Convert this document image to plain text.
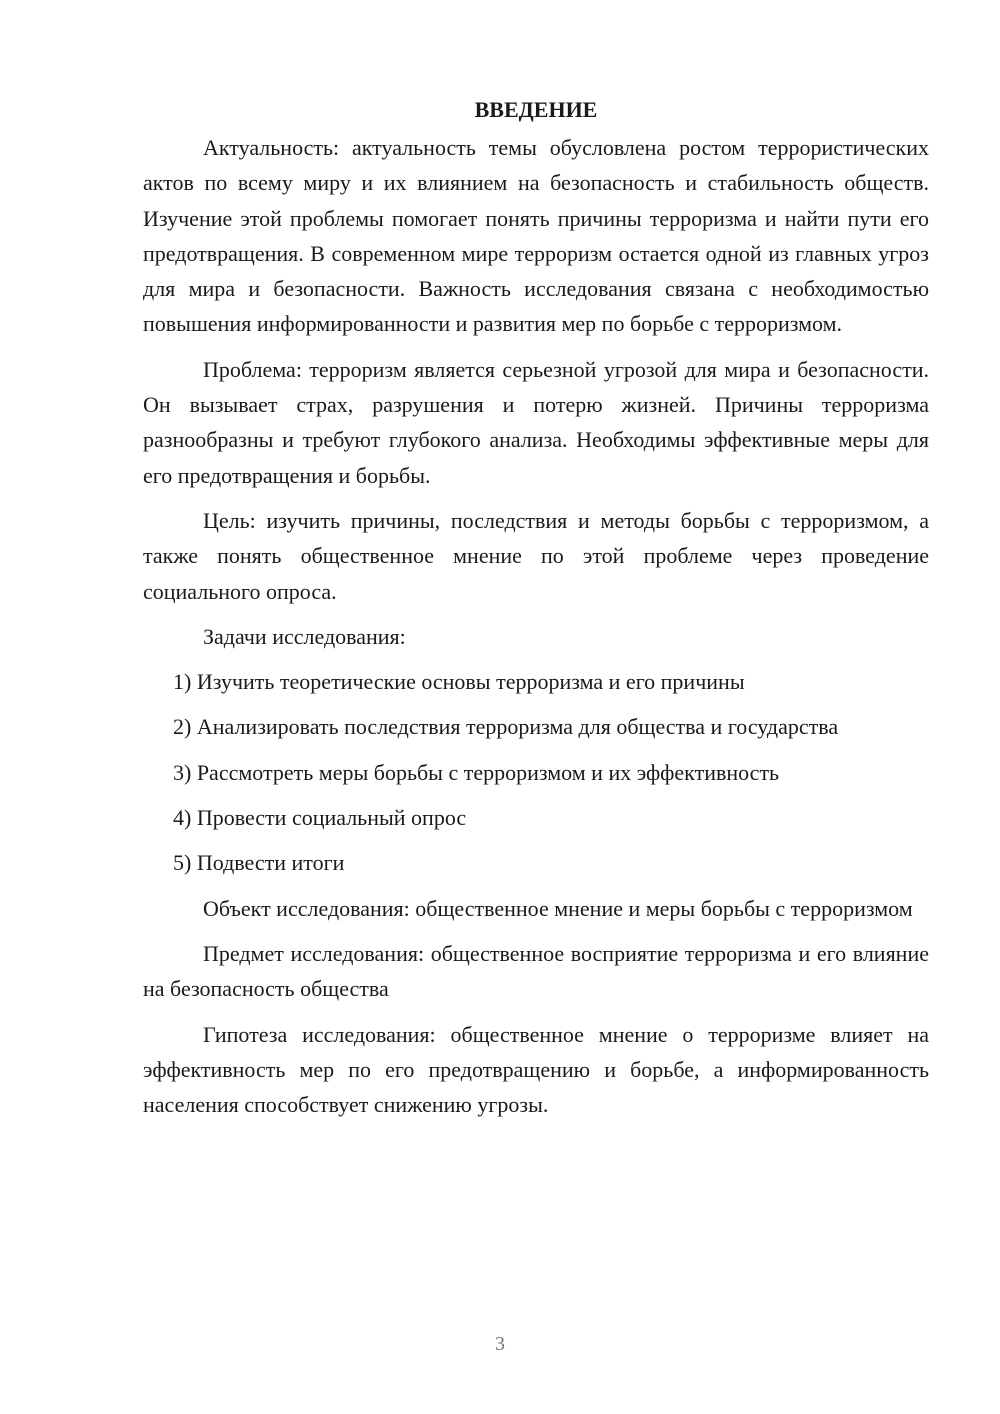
ВВЕДЕНИЕ

Актуальность: актуальность темы обусловлена ростом террористических актов по всему миру и их влиянием на безопасность и стабильность обществ. Изучение этой проблемы помогает понять причины терроризма и найти пути его предотвращения. В современном мире терроризм остается одной из главных угроз для мира и безопасности. Важность исследования связана с необходимостью повышения информированности и развития мер по борьбе с терроризмом.

Проблема: терроризм является серьезной угрозой для мира и безопасности. Он вызывает страх, разрушения и потерю жизней. Причины терроризма разнообразны и требуют глубокого анализа. Необходимы эффективные меры для его предотвращения и борьбы.

Цель: изучить причины, последствия и методы борьбы с терроризмом, а также понять общественное мнение по этой проблеме через проведение социального опроса.

Задачи исследования:

1) Изучить теоретические основы терроризма и его причины

2) Анализировать последствия терроризма для общества и государства

3) Рассмотреть меры борьбы с терроризмом и их эффективность

4) Провести социальный опрос

5) Подвести итоги

Объект исследования: общественное мнение и меры борьбы с терроризмом

Предмет исследования: общественное восприятие терроризма и его влияние на безопасность общества

Гипотеза исследования: общественное мнение о терроризме влияет на эффективность мер по его предотвращению и борьбе, а информированность населения способствует снижению угрозы.

3
